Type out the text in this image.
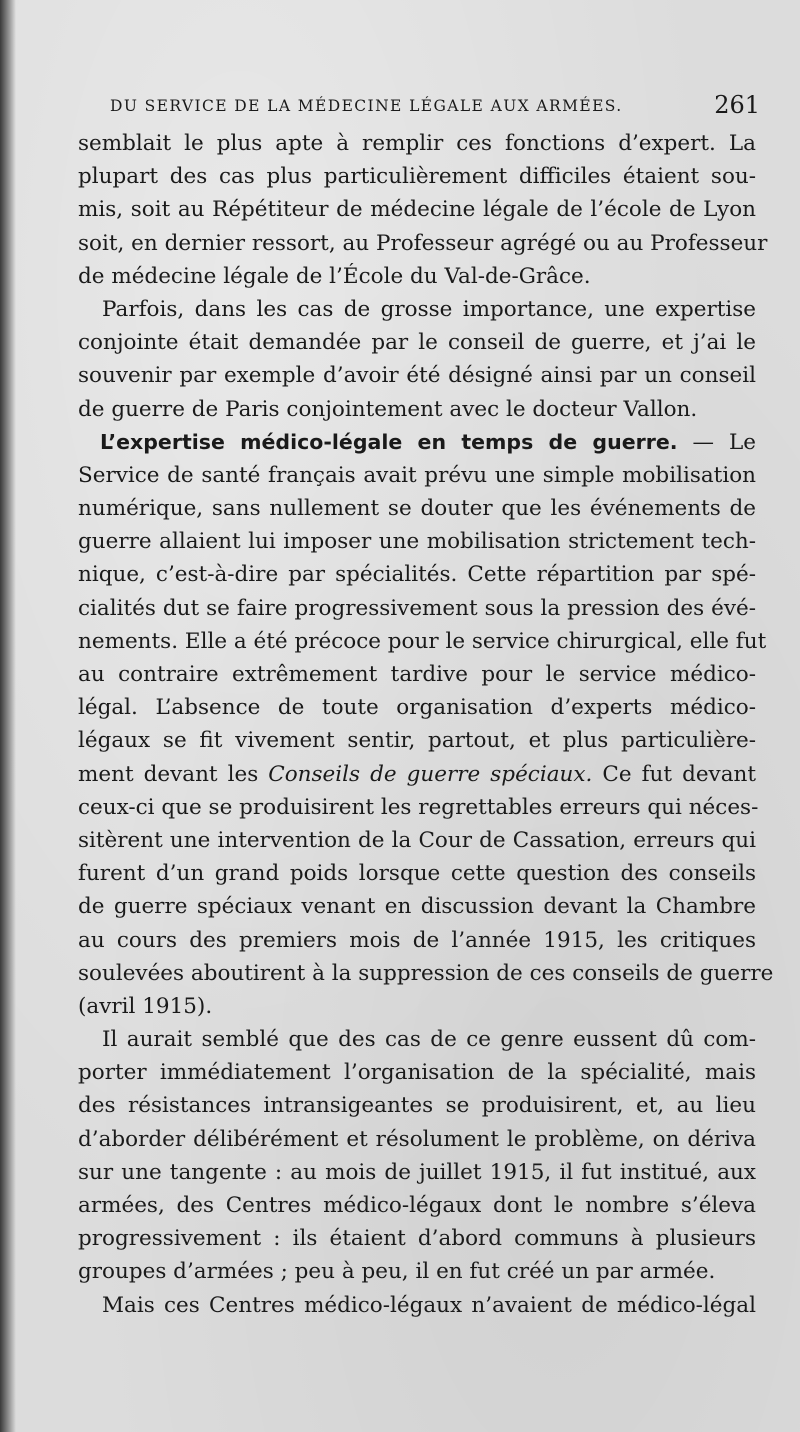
DU SERVICE DE LA MÉDECINE LÉGALE AUX ARMÉES.	261
semblait le plus apte à remplir ces fonctions d’expert. La
plupart des cas plus particulièrement difficiles étaient sou-
mis, soit au Répétiteur de médecine légale de l’école de Lyon
soit, en dernier ressort, au Professeur agrégé ou au Professeur
de médecine légale de l’École du Val-de-Grâce.
Parfois, dans les cas de grosse importance, une expertise
conjointe était demandée par le conseil de guerre, et j’ai le
souvenir par exemple d’avoir été désigné ainsi par un conseil
de guerre de Paris conjointement avec le docteur Vallon.
L’expertise médico-légale en temps de guerre. — Le
Service de santé français avait prévu une simple mobilisation
numérique, sans nullement se douter que les événements de
guerre allaient lui imposer une mobilisation strictement tech-
nique, c’est-à-dire par spécialités. Cette répartition par spé-
cialités dut se faire progressivement sous la pression des évé-
nements. Elle a été précoce pour le service chirurgical, elle fut
au contraire extrêmement tardive pour le service médico-
légal. L’absence de toute organisation d’experts médico-
légaux se fit vivement sentir, partout, et plus particulière-
ment devant les Conseils de guerre spéciaux. Ce fut devant
ceux-ci que se produisirent les regrettables erreurs qui néces-
sitèrent une intervention de la Cour de Cassation, erreurs qui
furent d’un grand poids lorsque cette question des conseils
de guerre spéciaux venant en discussion devant la Chambre
au cours des premiers mois de l’année 1915, les critiques
soulevées aboutirent à la suppression de ces conseils de guerre
(avril 1915).
Il aurait semblé que des cas de ce genre eussent dû com-
porter immédiatement l’organisation de la spécialité, mais
des résistances intransigeantes se produisirent, et, au lieu
d’aborder délibérément et résolument le problème, on dériva
sur une tangente : au mois de juillet 1915, il fut institué, aux
armées, des Centres médico-légaux dont le nombre s’éleva
progressivement : ils étaient d’abord communs à plusieurs
groupes d’armées ; peu à peu, il en fut créé un par armée.
Mais ces Centres médico-légaux n’avaient de médico-légal
